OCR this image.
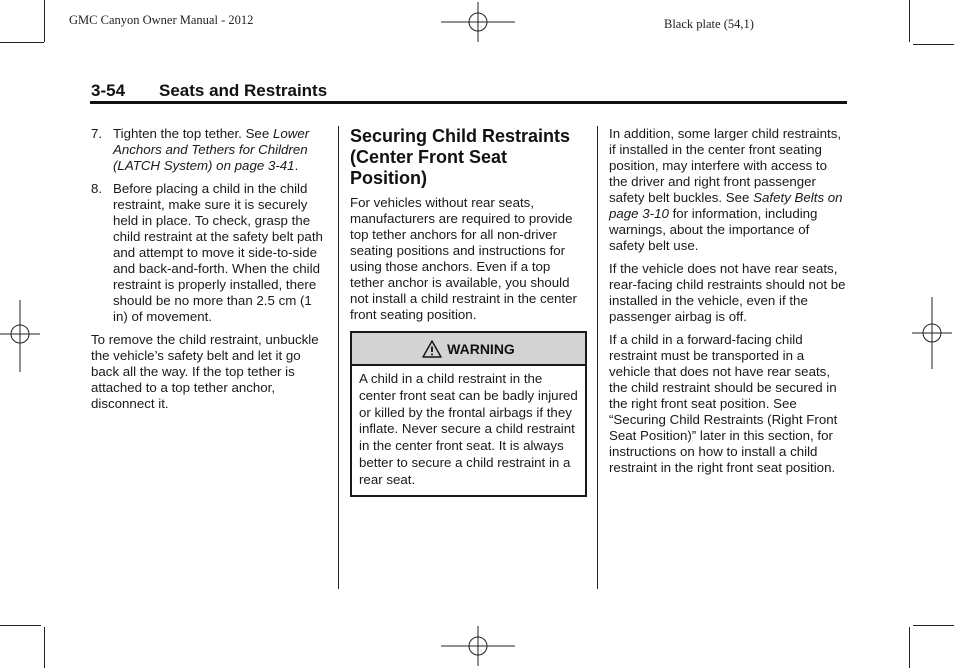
GMC Canyon Owner Manual - 2012	Black plate (54,1)
3-54 Seats and Restraints
7. Tighten the top tether. See Lower Anchors and Tethers for Children (LATCH System) on page 3-41.
8. Before placing a child in the child restraint, make sure it is securely held in place. To check, grasp the child restraint at the safety belt path and attempt to move it side-to-side and back-and-forth. When the child restraint is properly installed, there should be no more than 2.5 cm (1 in) of movement.

To remove the child restraint, unbuckle the vehicle’s safety belt and let it go back all the way. If the top tether is attached to a top tether anchor, disconnect it.

Securing Child Restraints (Center Front Seat Position)

For vehicles without rear seats, manufacturers are required to provide top tether anchors for all non-driver seating positions and instructions for using those anchors. Even if a top tether anchor is available, you should not install a child restraint in the center front seating position.

WARNING
A child in a child restraint in the center front seat can be badly injured or killed by the frontal airbags if they inflate. Never secure a child restraint in the center front seat. It is always better to secure a child restraint in a rear seat.

In addition, some larger child restraints, if installed in the center front seating position, may interfere with access to the driver and right front passenger safety belt buckles. See Safety Belts on page 3-10 for information, including warnings, about the importance of safety belt use.

If the vehicle does not have rear seats, rear-facing child restraints should not be installed in the vehicle, even if the passenger airbag is off.

If a child in a forward-facing child restraint must be transported in a vehicle that does not have rear seats, the child restraint should be secured in the right front seat position. See “Securing Child Restraints (Right Front Seat Position)” later in this section, for instructions on how to install a child restraint in the right front seat position.
